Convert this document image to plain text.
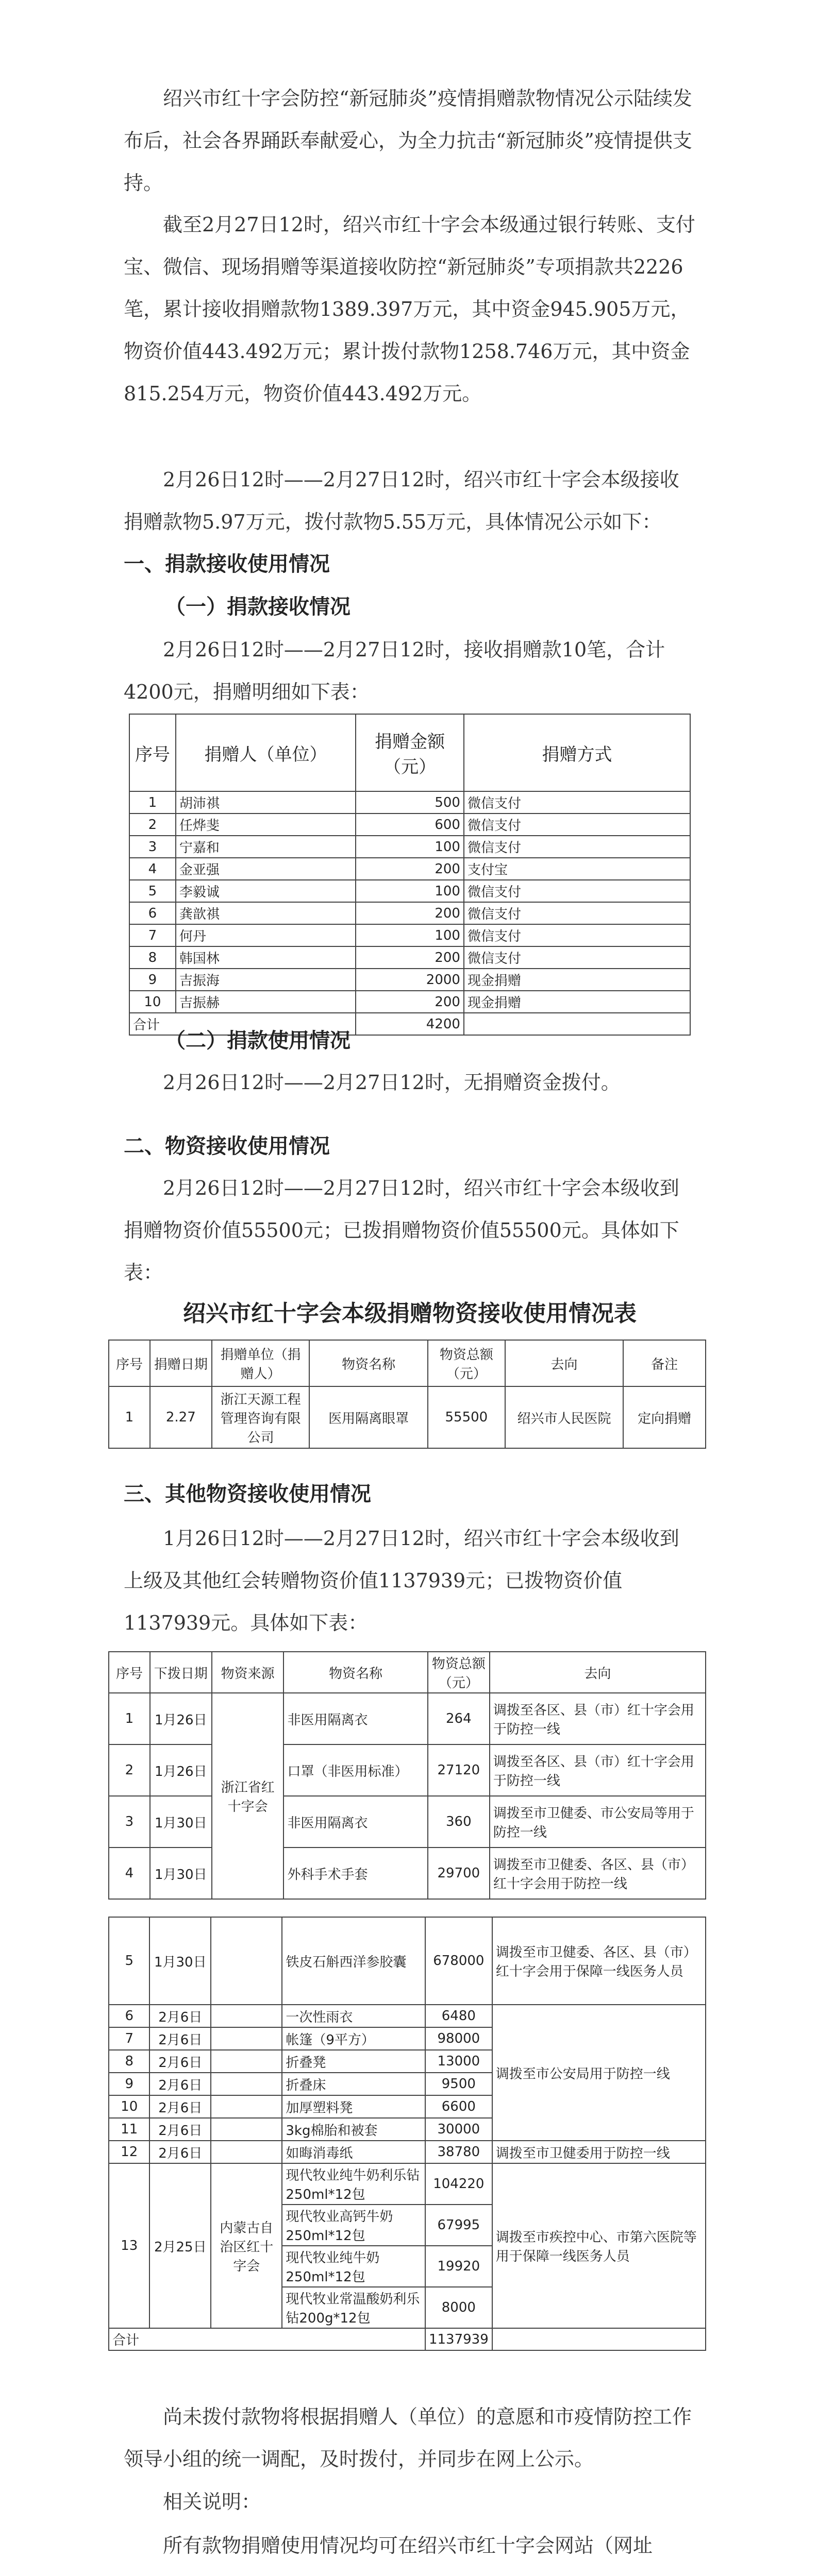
绍兴市红十字会防控“新冠肺炎”疫情捐赠款物情况公示陆续发布后，社会各界踊跃奉献爱心，为全力抗击“新冠肺炎”疫情提供支持。

截至2月27日12时，绍兴市红十字会本级通过银行转账、支付宝、微信、现场捐赠等渠道接收防控“新冠肺炎”专项捐款共2226笔，累计接收捐赠款物1389.397万元，其中资金945.905万元，物资价值443.492万元；累计拨付款物1258.746万元，其中资金815.254万元，物资价值443.492万元。

2月26日12时——2月27日12时，绍兴市红十字会本级接收捐赠款物5.97万元，拨付款物5.55万元，具体情况公示如下：

一、捐款接收使用情况
（一）捐款接收情况

2月26日12时——2月27日12时，接收捐赠款10笔，合计4200元，捐赠明细如下表：

序号	捐赠人（单位）	捐赠金额（元）	捐赠方式
1	胡沛祺	500	微信支付
2	任烨斐	600	微信支付
3	宁嘉和	100	微信支付
4	金亚强	200	支付宝
5	李毅诚	100	微信支付
6	龚歆祺	200	微信支付
7	何丹	100	微信支付
8	韩国林	200	微信支付
9	吉振海	2000	现金捐赠
10	吉振赫	200	现金捐赠
合计		4200	
（二）捐款使用情况

2月26日12时——2月27日12时，无捐赠资金拨付。

二、物资接收使用情况

2月26日12时——2月27日12时，绍兴市红十字会本级收到捐赠物资价值55500元；已拨捐赠物资价值55500元。具体如下表：

绍兴市红十字会本级捐赠物资接收使用情况表
序号	捐赠日期	捐赠单位（捐赠人）	物资名称	物资总额（元）	去向	备注
1	2.27	浙江天源工程管理咨询有限公司	医用隔离眼罩	55500	绍兴市人民医院	定向捐赠
三、其他物资接收使用情况

1月26日12时——2月27日12时，绍兴市红十字会本级收到上级及其他红会转赠物资价值1137939元；已拨物资价值1137939元。具体如下表：

序号	下拨日期	物资来源	物资名称	物资总额（元）	去向
1	1月26日	浙江省红十字会	非医用隔离衣	264	调拨至各区、县（市）红十字会用于防控一线
2	1月26日		口罩（非医用标准）	27120	调拨至各区、县（市）红十字会用于防控一线
3	1月30日		非医用隔离衣	360	调拨至市卫健委、市公安局等用于防控一线
4	1月30日		外科手术手套	29700	调拨至市卫健委、各区、县（市）红十字会用于防控一线
5	1月30日		铁皮石斛西洋参胶囊	678000	调拨至市卫健委、各区、县（市）红十字会用于保障一线医务人员
6	2月6日		一次性雨衣	6480	调拨至市公安局用于防控一线
7	2月6日		帐篷（9平方）	98000	
8	2月6日		折叠凳	13000	
9	2月6日		折叠床	9500	
10	2月6日		加厚塑料凳	6600	
11	2月6日		3kg棉胎和被套	30000	
12	2月6日		如晦消毒纸	38780	调拨至市卫健委用于防控一线
13	2月25日	内蒙古自治区红十字会	现代牧业纯牛奶利乐钻250ml*12包	104220	调拨至市疾控中心、市第六医院等用于保障一线医务人员
			现代牧业高钙牛奶250ml*12包	67995	
			现代牧业纯牛奶250ml*12包	19920	
			现代牧业常温酸奶利乐钻200g*12包	8000	
合计				1137939	

尚未拨付款物将根据捐赠人（单位）的意愿和市疫情防控工作领导小组的统一调配，及时拨付，并同步在网上公示。

相关说明：

所有款物捐赠使用情况均可在绍兴市红十字会网站（网址
